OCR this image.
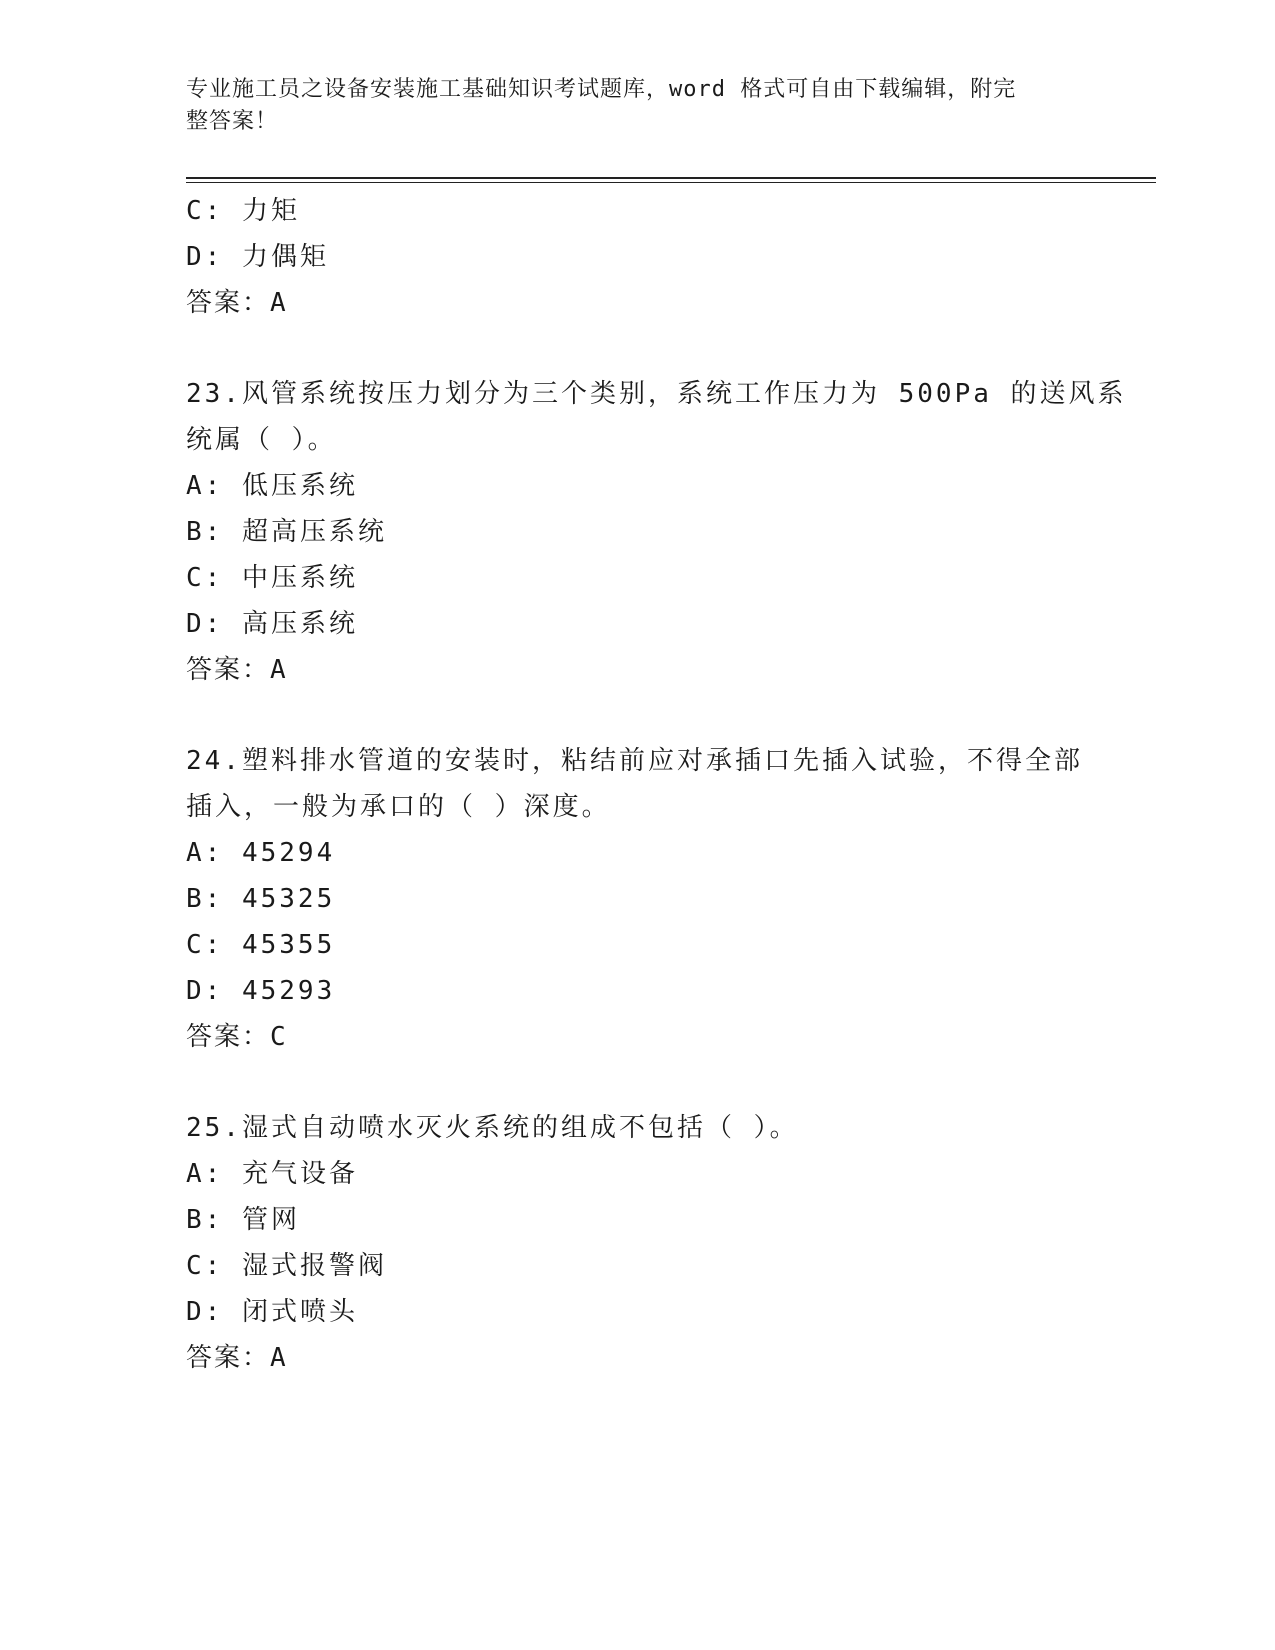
专业施工员之设备安装施工基础知识考试题库，word 格式可自由下载编辑，附完
整答案！
C: 力矩
D: 力偶矩
答案：A
23.风管系统按压力划分为三个类别，系统工作压力为 500Pa 的送风系
统属（ ）。
A: 低压系统
B: 超高压系统
C: 中压系统
D: 高压系统
答案：A
24.塑料排水管道的安装时，粘结前应对承插口先插入试验，不得全部
插入，一般为承口的（ ）深度。
A: 45294
B: 45325
C: 45355
D: 45293
答案：C
25.湿式自动喷水灭火系统的组成不包括（ ）。
A: 充气设备
B: 管网
C: 湿式报警阀
D: 闭式喷头
答案：A
